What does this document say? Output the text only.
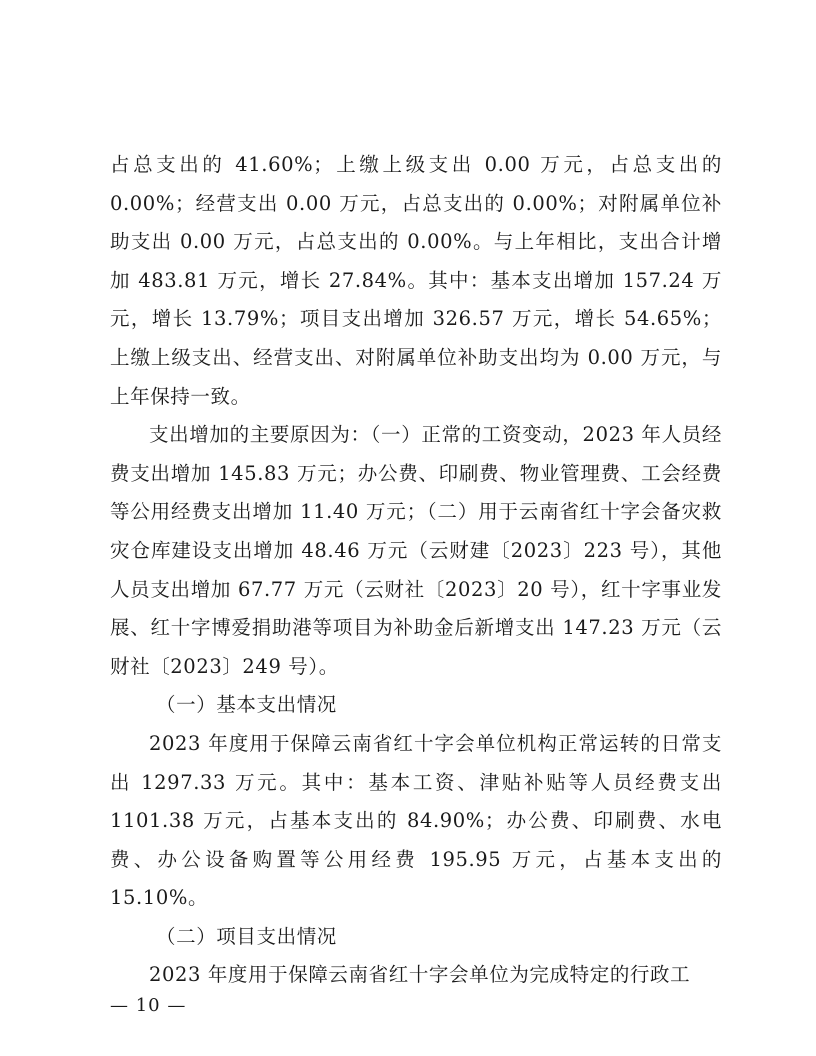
占总支出的 41.60%；上缴上级支出 0.00 万元，占总支出的 0.00%；经营支出 0.00 万元，占总支出的 0.00%；对附属单位补助支出 0.00 万元，占总支出的 0.00%。与上年相比，支出合计增加 483.81 万元，增长 27.84%。其中：基本支出增加 157.24 万元，增长 13.79%；项目支出增加 326.57 万元，增长 54.65%；上缴上级支出、经营支出、对附属单位补助支出均为 0.00 万元，与上年保持一致。

支出增加的主要原因为：（一）正常的工资变动，2023 年人员经费支出增加 145.83 万元；办公费、印刷费、物业管理费、工会经费等公用经费支出增加 11.40 万元；（二）用于云南省红十字会备灾救灾仓库建设支出增加 48.46 万元（云财建〔2023〕223 号），其他人员支出增加 67.77 万元（云财社〔2023〕20 号），红十字事业发展、红十字博爱捐助港等项目为补助金后新增支出 147.23 万元（云财社〔2023〕249 号）。

（一）基本支出情况

2023 年度用于保障云南省红十字会单位机构正常运转的日常支出 1297.33 万元。其中：基本工资、津贴补贴等人员经费支出 1101.38 万元，占基本支出的 84.90%；办公费、印刷费、水电费、办公设备购置等公用经费 195.95 万元，占基本支出的 15.10%。

（二）项目支出情况

2023 年度用于保障云南省红十字会单位为完成特定的行政工

— 10 —
